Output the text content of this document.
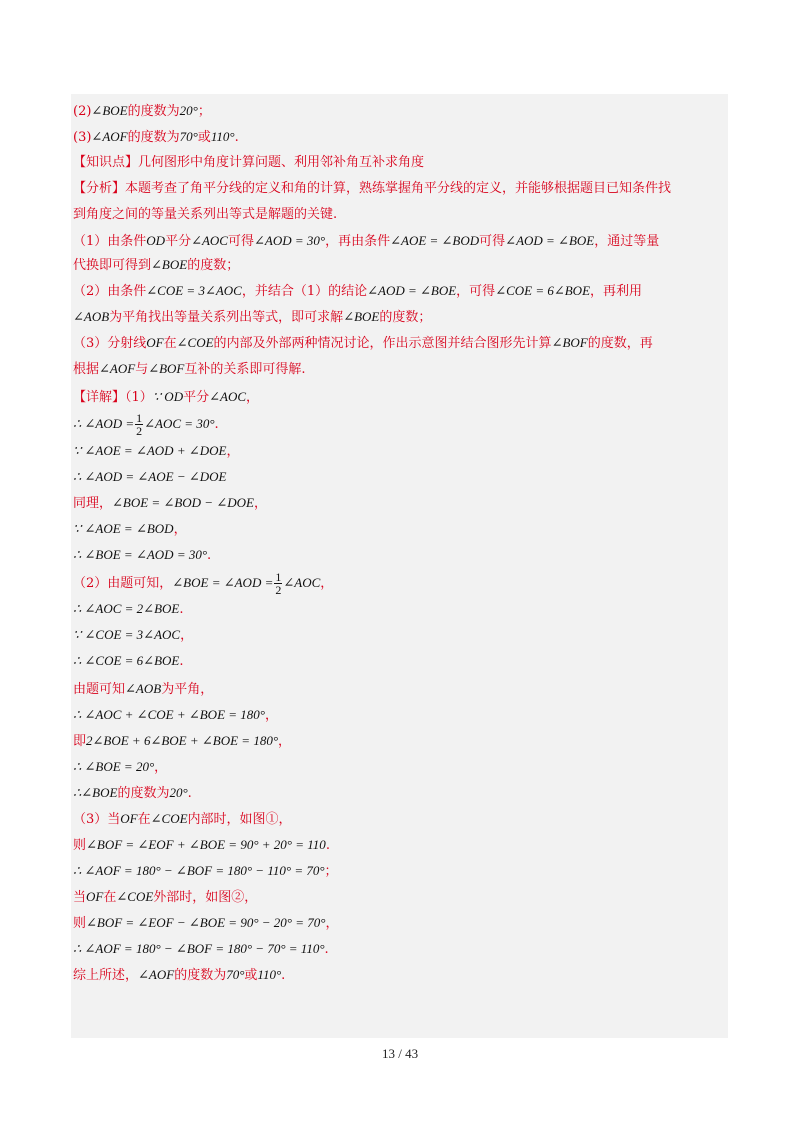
(2)∠BOE的度数为20°；
(3)∠AOF的度数为70°或110°.
【知识点】几何图形中角度计算问题、利用邻补角互补求角度
【分析】本题考查了角平分线的定义和角的计算，熟练掌握角平分线的定义，并能够根据题目已知条件找
到角度之间的等量关系列出等式是解题的关键.
（1）由条件OD平分∠AOC可得∠AOD = 30°，再由条件∠AOE = ∠BOD可得∠AOD = ∠BOE，通过等量
代换即可得到∠BOE的度数；
（2）由条件∠COE = 3∠AOC，并结合（1）的结论∠AOD = ∠BOE，可得∠COE = 6∠BOE，再利用
∠AOB为平角找出等量关系列出等式，即可求解∠BOE的度数；
（3）分射线OF在∠COE的内部及外部两种情况讨论，作出示意图并结合图形先计算∠BOF的度数，再
根据∠AOF与∠BOF互补的关系即可得解.
【详解】（1）∵ OD平分∠AOC，
∴ ∠AOD = $\frac{1}{2}$ ∠AOC = 30°.
∵ ∠AOE = ∠AOD + ∠DOE，
∴ ∠AOD = ∠AOE − ∠DOE
同理，∠BOE = ∠BOD − ∠DOE，
∵ ∠AOE = ∠BOD，
∴ ∠BOE = ∠AOD = 30°.
（2）由题可知，∠BOE = ∠AOD = $\frac{1}{2}$ ∠AOC，
∴ ∠AOC = 2∠BOE.
∵ ∠COE = 3∠AOC，
∴ ∠COE = 6∠BOE.
由题可知∠AOB为平角，
∴ ∠AOC + ∠COE + ∠BOE = 180°，
即2∠BOE + 6∠BOE + ∠BOE = 180°，
∴ ∠BOE = 20°，
∴∠BOE的度数为20°.
（3）当OF在∠COE内部时，如图①，
则∠BOF = ∠EOF + ∠BOE = 90° + 20° = 110.
∴ ∠AOF = 180° − ∠BOF = 180° − 110° = 70°；
当OF在∠COE外部时，如图②，
则∠BOF = ∠EOF − ∠BOE = 90° − 20° = 70°，
∴ ∠AOF = 180° − ∠BOF = 180° − 70° = 110°.
综上所述，∠AOF的度数为70°或110°.
13 / 43
